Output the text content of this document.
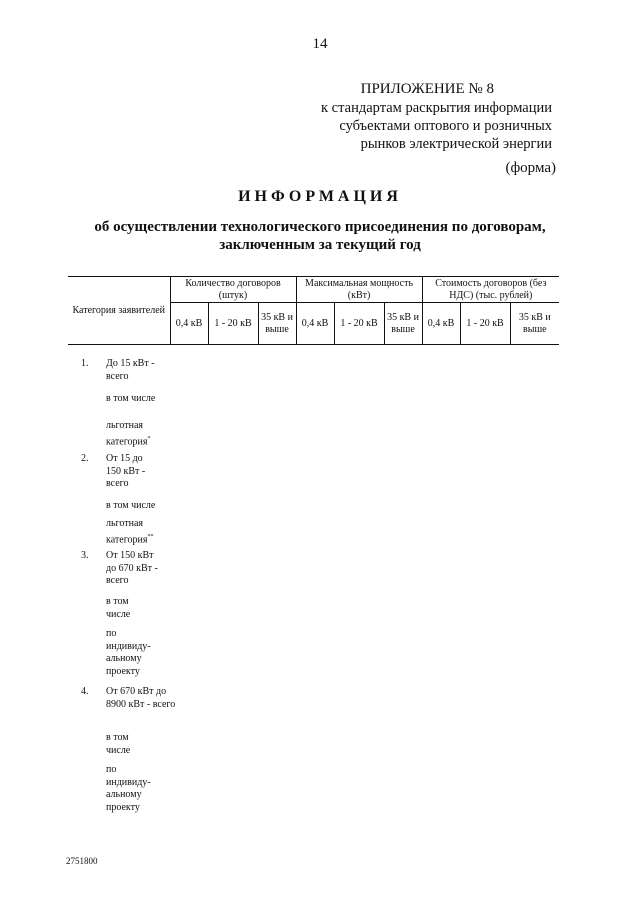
14
ПРИЛОЖЕНИЕ № 8
к стандартам раскрытия информации
субъектами оптового и розничных
рынков электрической энергии
(форма)
ИНФОРМАЦИЯ
об осуществлении технологического присоединения по договорам,
заключенным за текущий год
Категория заявителей	Количество договоров (штук)			Максимальная мощность (кВт)			Стоимость договоров (без НДС) (тыс. рублей)		
	0,4 кВ	1 - 20 кВ	35 кВ и выше	0,4 кВ	1 - 20 кВ	35 кВ и выше	0,4 кВ	1 - 20 кВ	35 кВ и выше
1. До 15 кВт - всего
в том числе
льготная категория*
2. От 15 до 150 кВт - всего
в том числе
льготная категория**
3. От 150 кВт до 670 кВт - всего
в том числе
по индивиду- альному проекту
4. От 670 кВт до 8900 кВт - всего
в том числе
по индивиду- альному проекту
2751800
